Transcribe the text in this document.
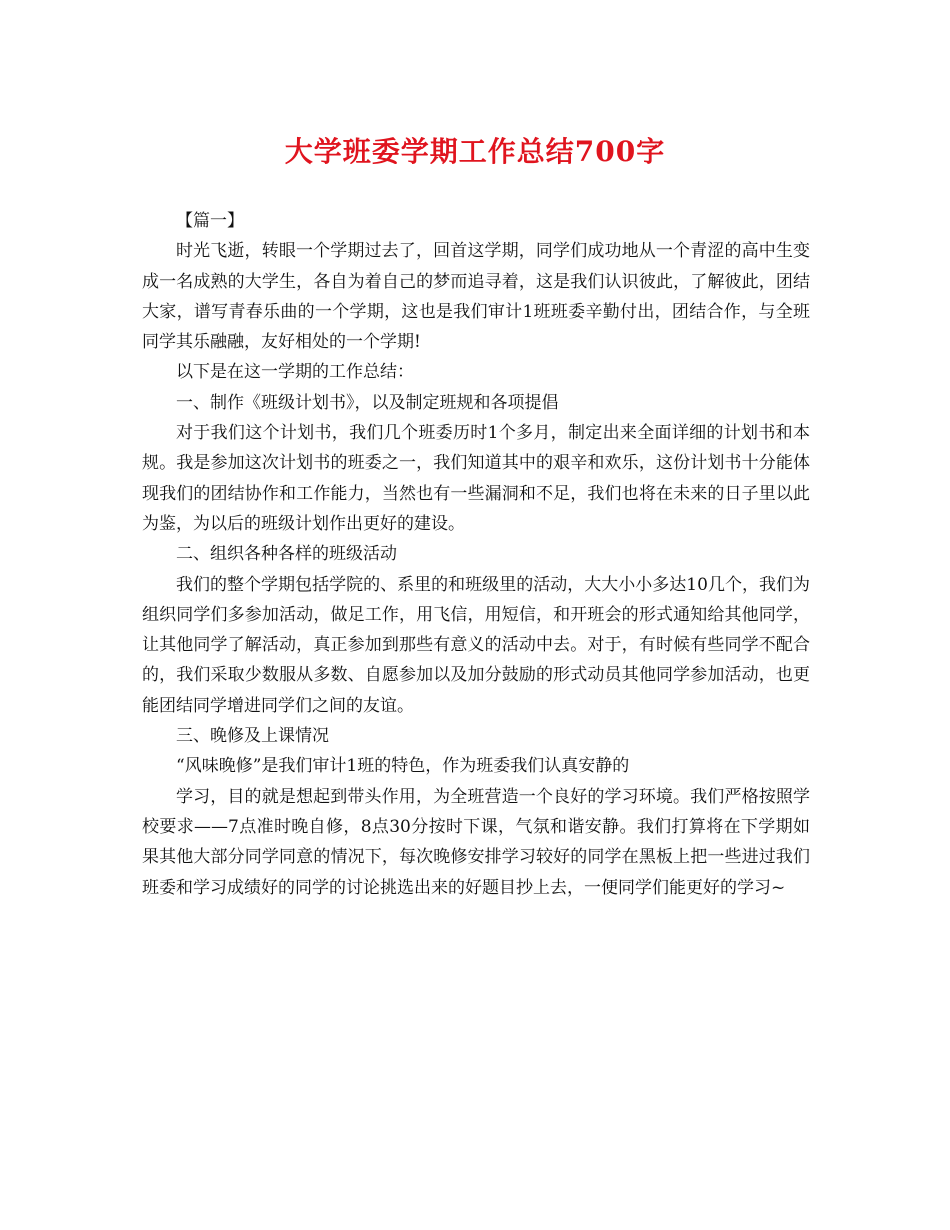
大学班委学期工作总结700字

【篇一】

时光飞逝，转眼一个学期过去了，回首这学期，同学们成功地从一个青涩的高中生变成一名成熟的大学生，各自为着自己的梦而追寻着，这是我们认识彼此，了解彼此，团结大家，谱写青春乐曲的一个学期，这也是我们审计1班班委辛勤付出，团结合作，与全班同学其乐融融，友好相处的一个学期!

以下是在这一学期的工作总结：

一、制作《班级计划书》，以及制定班规和各项提倡

对于我们这个计划书，我们几个班委历时1个多月，制定出来全面详细的计划书和本规。我是参加这次计划书的班委之一，我们知道其中的艰辛和欢乐，这份计划书十分能体现我们的团结协作和工作能力，当然也有一些漏洞和不足，我们也将在未来的日子里以此为鉴，为以后的班级计划作出更好的建设。

二、组织各种各样的班级活动

我们的整个学期包括学院的、系里的和班级里的活动，大大小小多达10几个，我们为组织同学们多参加活动，做足工作，用飞信，用短信，和开班会的形式通知给其他同学，让其他同学了解活动，真正参加到那些有意义的活动中去。对于，有时候有些同学不配合的，我们采取少数服从多数、自愿参加以及加分鼓励的形式动员其他同学参加活动，也更能团结同学增进同学们之间的友谊。

三、晚修及上课情况

“风味晚修”是我们审计1班的特色，作为班委我们认真安静的

学习，目的就是想起到带头作用，为全班营造一个良好的学习环境。我们严格按照学校要求——7点准时晚自修，8点30分按时下课，气氛和谐安静。我们打算将在下学期如果其他大部分同学同意的情况下，每次晚修安排学习较好的同学在黑板上把一些进过我们班委和学习成绩好的同学的讨论挑选出来的好题目抄上去，一便同学们能更好的学习~
